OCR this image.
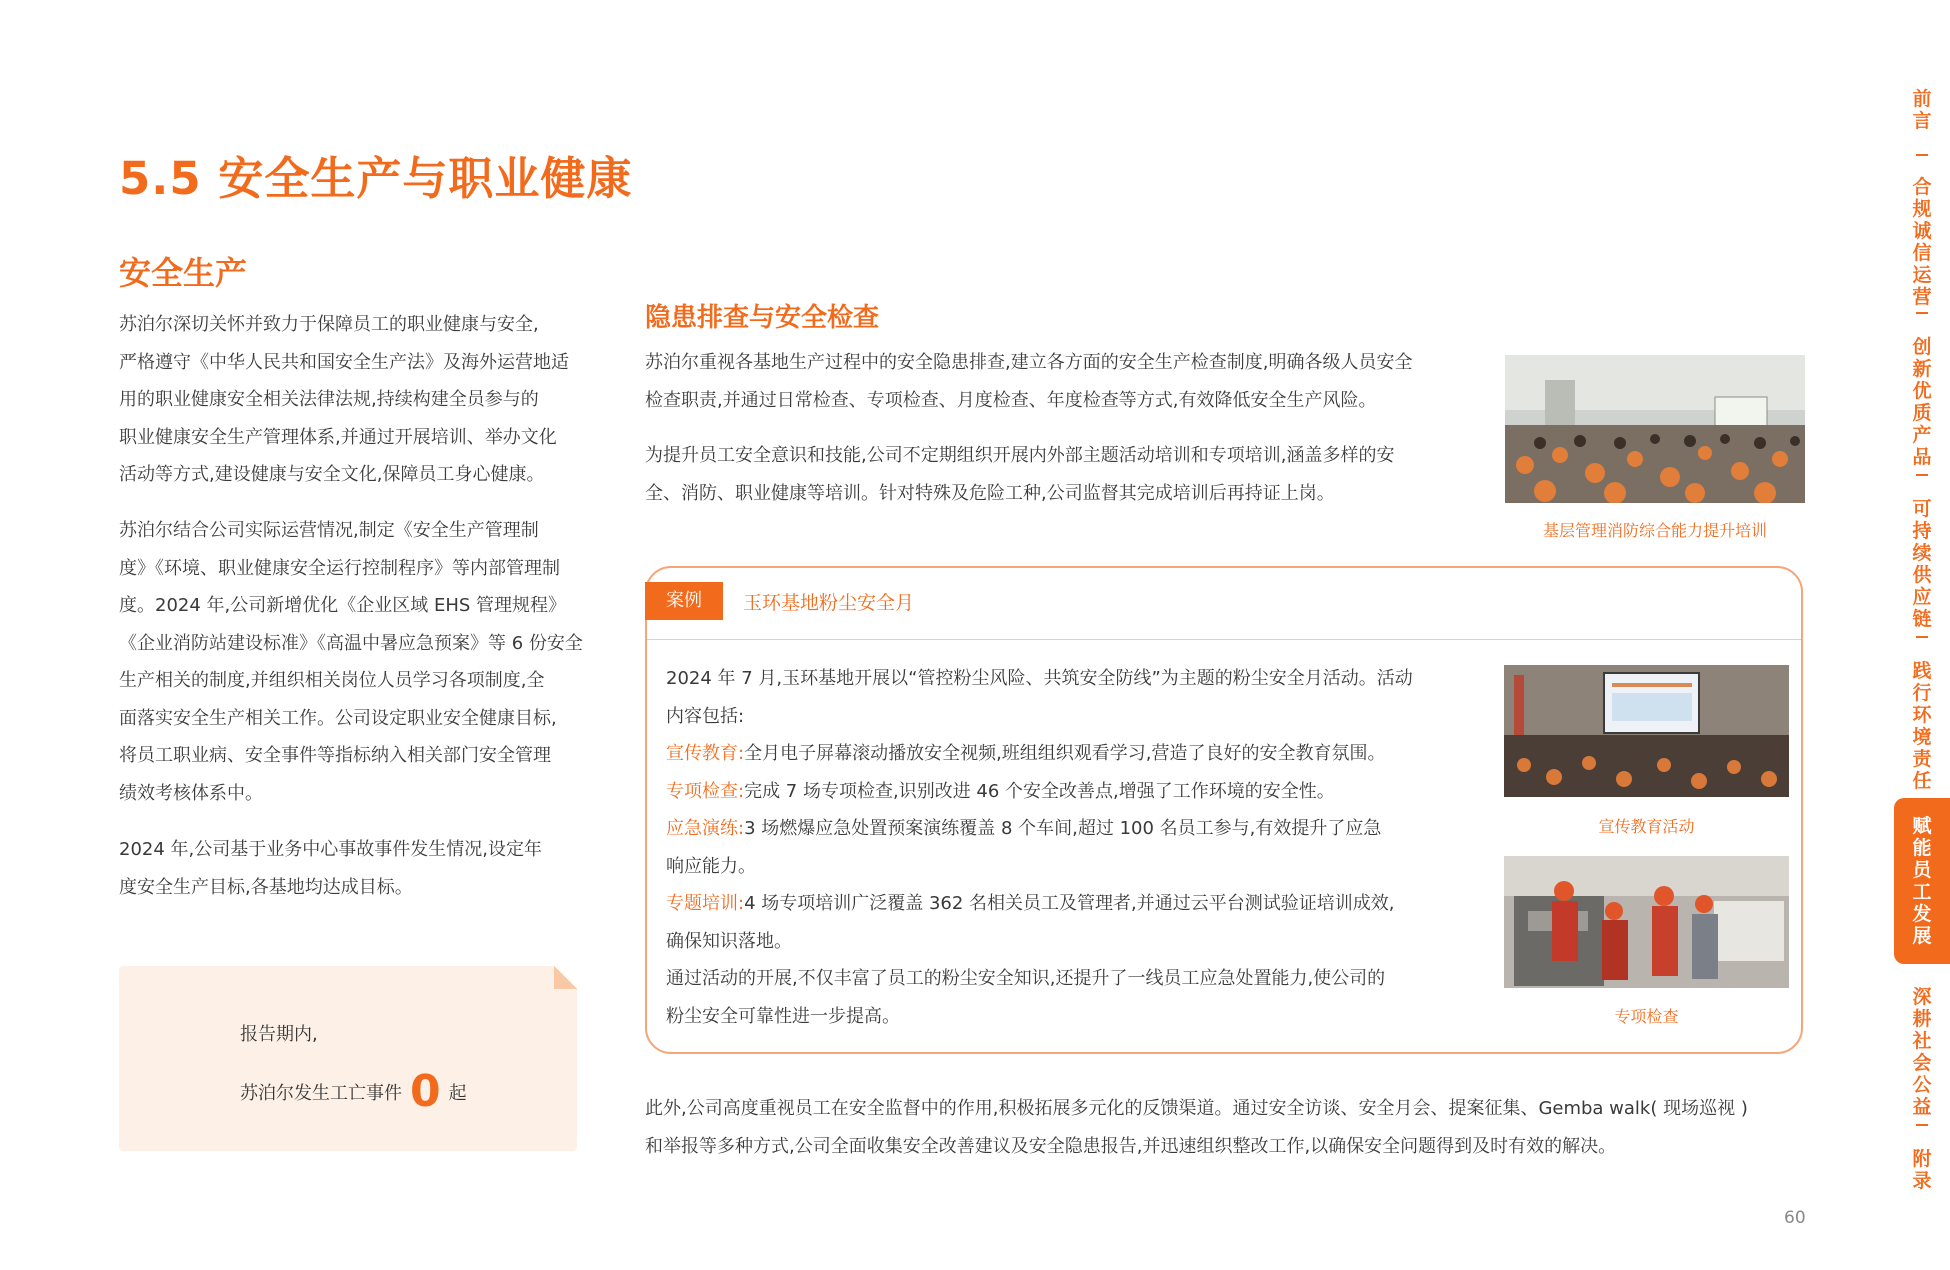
5.5 安全生产与职业健康
安全生产
苏泊尔深切关怀并致力于保障员工的职业健康与安全,
严格遵守《中华人民共和国安全生产法》及海外运营地适
用的职业健康安全相关法律法规,持续构建全员参与的
职业健康安全生产管理体系,并通过开展培训、举办文化
活动等方式,建设健康与安全文化,保障员工身心健康。
苏泊尔结合公司实际运营情况,制定《安全生产管理制
度》《环境、职业健康安全运行控制程序》等内部管理制
度。2024 年,公司新增优化《企业区域 EHS 管理规程》
《企业消防站建设标准》《高温中暑应急预案》等 6 份安全
生产相关的制度,并组织相关岗位人员学习各项制度,全
面落实安全生产相关工作。公司设定职业安全健康目标,
将员工职业病、安全事件等指标纳入相关部门安全管理
绩效考核体系中。
2024 年,公司基于业务中心事故事件发生情况,设定年
度安全生产目标,各基地均达成目标。
报告期内,
苏泊尔发生工亡事件 0 起
隐患排查与安全检查
苏泊尔重视各基地生产过程中的安全隐患排查,建立各方面的安全生产检查制度,明确各级人员安全
检查职责,并通过日常检查、专项检查、月度检查、年度检查等方式,有效降低安全生产风险。
为提升员工安全意识和技能,公司不定期组织开展内外部主题活动培训和专项培训,涵盖多样的安
全、消防、职业健康等培训。针对特殊及危险工种,公司监督其完成培训后再持证上岗。
基层管理消防综合能力提升培训
案例	玉环基地粉尘安全月
2024 年 7 月,玉环基地开展以“管控粉尘风险、共筑安全防线”为主题的粉尘安全月活动。活动
内容包括:
宣传教育:全月电子屏幕滚动播放安全视频,班组组织观看学习,营造了良好的安全教育氛围。
专项检查:完成 7 场专项检查,识别改进 46 个安全改善点,增强了工作环境的安全性。
应急演练:3 场燃爆应急处置预案演练覆盖 8 个车间,超过 100 名员工参与,有效提升了应急
响应能力。
专题培训:4 场专项培训广泛覆盖 362 名相关员工及管理者,并通过云平台测试验证培训成效,
确保知识落地。
通过活动的开展,不仅丰富了员工的粉尘安全知识,还提升了一线员工应急处置能力,使公司的
粉尘安全可靠性进一步提高。
宣传教育活动
专项检查
此外,公司高度重视员工在安全监督中的作用,积极拓展多元化的反馈渠道。通过安全访谈、安全月会、提案征集、Gemba walk( 现场巡视 )
和举报等多种方式,公司全面收集安全改善建议及安全隐患报告,并迅速组织整改工作,以确保安全问题得到及时有效的解决。
60
前
言
合
规
诚
信
运
营
创
新
优
质
产
品
可
持
续
供
应
链
践
行
环
境
责
任
赋
能
员
工
发
展
深
耕
社
会
公
益
附
录
